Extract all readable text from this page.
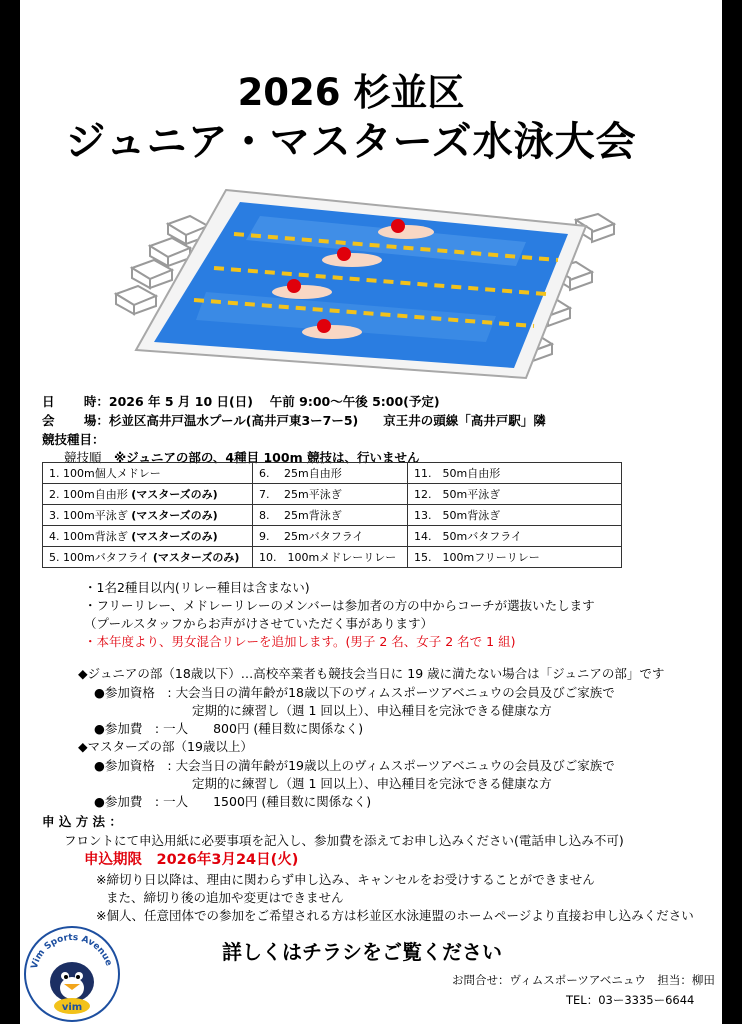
2026 杉並区
ジュニア・マスターズ水泳大会
日　　 時：2026 年 5 月 10 日(日)　 午前 9:00～午後 5:00(予定)
会　　 場：杉並区高井戸温水プール(高井戸東3ー7ー5)　　 京王井の頭線「高井戸駅」隣
競技種目：
競技順　 ※ジュニアの部の、4種目 100m 競技は、行いません
1. 100m個人メドレー	6.　 25m自由形	11.　50m自由形
2. 100m自由形 (マスターズのみ)	7.　 25m平泳ぎ	12.　50m平泳ぎ
3. 100m平泳ぎ (マスターズのみ)	8.　 25m背泳ぎ	13.　50m背泳ぎ
4. 100m背泳ぎ (マスターズのみ)	9.　 25mバタフライ	14.　50mバタフライ
5. 100mバタフライ (マスターズのみ)	10.　100mメドレーリレー	15.　100mフリーリレー
・1名2種目以内(リレー種目は含まない)
・フリーリレー、メドレーリレーのメンバーは参加者の方の中からコーチが選抜いたします
（プールスタッフからお声がけさせていただく事があります）
・本年度より、男女混合リレーを追加します。(男子 2 名、女子 2 名で 1 組)
◆ジュニアの部（18歳以下）…高校卒業者も競技会当日に 19 歳に満たない場合は「ジュニアの部」です
●参加資格　: 大会当日の満年齢が18歳以下のヴィムスポーツアベニュウの会員及びご家族で
定期的に練習し（週 1 回以上）、申込種目を完泳できる健康な方
●参加費　: 一人　　800円 (種目数に関係なく)
◆マスターズの部（19歳以上）
●参加資格　: 大会当日の満年齢が19歳以上のヴィムスポーツアベニュウの会員及びご家族で
定期的に練習し（週 1 回以上）、申込種目を完泳できる健康な方
●参加費　: 一人　　1500円 (種目数に関係なく)
申 込 方 法 ：
フロントにて申込用紙に必要事項を記入し、参加費を添えてお申し込みください(電話申し込み不可)
申込期限　2026年3月24日(火)
※締切り日以降は、理由に関わらず申し込み、キャンセルをお受けすることができません
また、締切り後の追加や変更はできません
※個人、任意団体での参加をご希望される方は杉並区水泳連盟のホームページより直接お申し込みください
Vim Sports Avenue
vim
詳しくはチラシをご覧ください
お問合せ：ヴィムスポーツアベニュウ　担当：柳田
TEL：03ー3335ー6644
